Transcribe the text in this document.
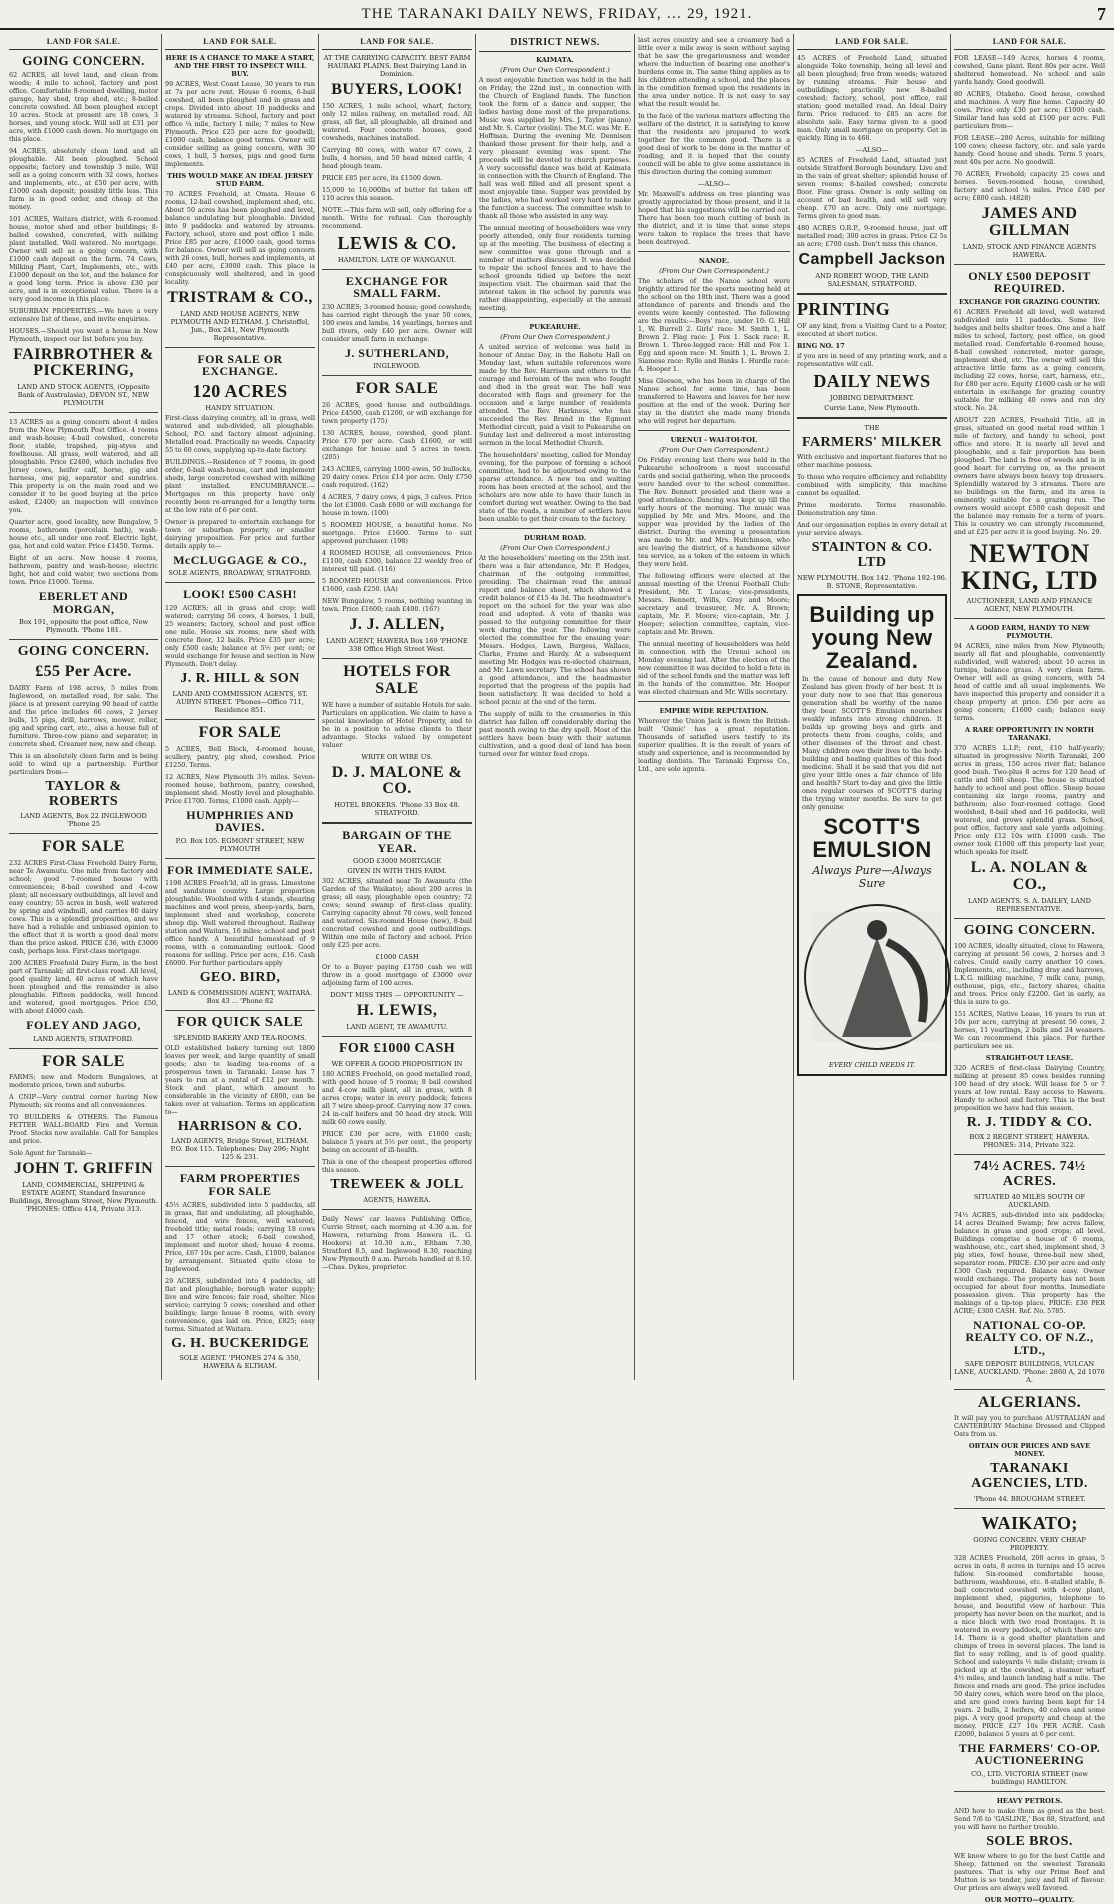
THE TARANAKI DAILY NEWS, FRIDAY, … 29, 1921.	7
LAND FOR SALE.
GOING CONCERN.
62 ACRES, all level land, and clean from weeds; 4 mile to school, factory and post office. Comfortable 8-roomed dwelling, motor garage, hay shed, trap shed, etc.; 8-bailed concrete cowshed. All been ploughed except 10 acres. Stock at present are 18 cows, 3 horses, and young stock. Will sell at £31 per acre, with £1000 cash down. No mortgage on this place.
94 ACRES, absolutely clean land and all ploughable. All been ploughed. School opposite; factory and township 3 mile. Will sell as a going concern with 32 cows, horses and implements, etc., at £50 per acre, with £1000 cash deposit; possibly little less. This farm is in good order, and cheap at the money.
101 ACRES, Waitara district, with 6-roomed house, motor shed and other buildings; 8-bailed cowshed, concreted, with milking plant installed. Well watered. No mortgage. Owner will sell as a going concern, with £1000 cash deposit on the farm. 74 Cows, Milking Plant, Cart, Implements, etc., with £1000 deposit on the lot, and the balance for a good long term. Price is above £30 per acre, and is in exceptional value. There is a very good income in this place.
SUBURBAN PROPERTIES.—We have a very extensive list of these, and invite enquiries.
HOUSES.—Should you want a house in New Plymouth, inspect our list before you buy.
FAIRBROTHER & PICKERING,
LAND AND STOCK AGENTS, (Opposite Bank of Australasia), DEVON ST., NEW PLYMOUTH
13 ACRES as a going concern about 4 miles from the New Plymouth Post Office. 4 rooms and wash-house; 4-bail cowshed, concrete floor, stable, trapshed, pig-styes and fowlhouse. All grass, well watered, and all ploughable. Price £2400, which includes five Jersey cows, heifer calf, horse, gig and harness, one pig, separator and sundries. This property is on the main road and we consider it to be good buying at the price asked, £2400; an inspection will convince you.
Quarter acre, good locality, new Bungalow, 5 rooms, bathroom (porcelain bath), wash-house etc., all under one roof. Electric light, gas, hot and cold water. Price £1450. Terms.
Eight of an acre. New house 4 rooms, bathroom, pantry and wash-house, electric light, hot and cold water, two sections from town. Price £1000. Terms.
EBERLET AND MORGAN,
Box 191, opposite the post office, New Plymouth. 'Phone 181.
GOING CONCERN.
£55 Per Acre.
DAIRY Farm of 198 acres, 5 miles from Inglewood, on metalled road, for sale. The place is at present carrying 90 head of cattle and the price includes 66 cows, 2 Jersey bulls, 15 pigs, drill, harrows, mower, roller, gig and spring cart, etc., also a house full of furniture. Three-cow piano and separator, in concrete shed. Creamer new, new and cheap.
This is an absolutely clean farm and is being sold to wind up a partnership. Further particulars from—
TAYLOR & ROBERTS
LAND AGENTS, Box 22 INGLEWOOD 'Phone 25
FOR SALE
232 ACRES First-Class Freehold Dairy Farm, near Te Awamutu. One mile from factory and school; good 7-roomed house with conveniences; 8-bail cowshed and 4-cow plant; all necessary outbuildings, all level and easy country; 55 acres in bush, well watered by spring and windmill, and carries 80 dairy cows. This is a splendid proposition, and we have had a reliable and unbiased opinion to the effect that it is worth a good deal more than the price asked. PRICE £36, with £3000 cash, perhaps less. First-class mortgage.
200 ACRES Freehold Dairy Farm, in the best part of Taranaki; all first-class road. All level, good quality land, 40 acres of which have been ploughed and the remainder is also ploughable. Fifteen paddocks, well fenced and watered, good mortgages. Price £50, with about £4000 cash.
FOLEY AND JAGO,
LAND AGENTS, STRATFORD.
FOR SALE
FARMS; new and Modern Bungalows, at moderate prices, town and suburbs.
A CNIP—Very central corner having New Plymouth; six rooms and all conveniences.
TO BUILDERS & OTHERS. The Famous FETTER WALL-BOARD Fire and Vermin Proof. Stocks now available. Call for Samples and price.
Sole Agent for Taranaki—
JOHN T. GRIFFIN
LAND, COMMERCIAL, SHIPPING & ESTATE AGENT, Standard Insurance Buildings, Brougham Street, New Plymouth. 'PHONES: Office 414, Private 313.
LAND FOR SALE.
HERE IS A CHANCE TO MAKE A START, AND THE FIRST TO INSPECT WILL BUY.
99 ACRES, West Coast Lease, 30 years to run at 7s per acre rent. House 6 rooms, 6-bail cowshed, all been ploughed and in grass and crops. Divided into about 10 paddocks and watered by streams. School, factory and post office ¼ mile, factory 1 mile; 7 miles to New Plymouth. Price £25 per acre for goodwill; £1000 cash, balance good terms. Owner will consider selling as going concern, with 30 cows, 1 bull, 5 horses, pigs and good farm implements.
THIS WOULD MAKE AN IDEAL JERSEY STUD FARM.
70 ACRES Freehold, at Omata. House 6 rooms, 12-bail cowshed, implement shed, etc. About 50 acres has been ploughed and level, balance undulating but ploughable. Divided into 9 paddocks and watered by streams. Factory, school, store and post office 1 mile. Price £85 per acre, £1000 cash, good terms for balance. Owner will sell as going concern with 26 cows, bull, horses and implements, at £40 per acre, £3000 cash. This place is conspicuously well sheltered, and in good locality.
TRISTRAM & CO.,
LAND AND HOUSE AGENTS, NEW PLYMOUTH AND ELTHAM. J. Christoffel, Jun., Box 241, New Plymouth Representative.
FOR SALE OR EXCHANGE.
120 ACRES
HANDY SITUATION.
First-class dairying country, all in grass, well watered and sub-divided, all ploughable. School, P.O. and factory almost adjoining. Metalled road. Practically no weeds. Capacity 55 to 60 cows, supplying up-to-date factory.
BUILDINGS.—Residence of 7 rooms, in good order, 6-bail wash-house, cart and implement sheds, large concreted cowshed with milking plant installed. ENCUMBRANCE.—Mortgages on this property have only recently been re-arranged for a lengthy term at the low rate of 6 per cent.
Owner is prepared to entertain exchange for town or suburban property, or smaller dairying proposition. For price and further details apply to—
McCLUGGAGE & CO.,
SOLE AGENTS, BROADWAY, STRATFORD.
LOOK! £500 CASH!
129 ACRES; all in grass and crop; well watered; carrying 56 cows, 4 horses, 1 bull, 25 weaners; factory, school and post office one mile. House six rooms, new shed with concrete floor, 12 bails. Price £35 per acre; only £500 cash; balance at 5½ per cent; or would exchange for house and section in New Plymouth. Don't delay.
J. R. HILL & SON
LAND AND COMMISSION AGENTS, ST. AUBYN STREET. 'Phones—Office 711, Residence 851.
FOR SALE
5 ACRES, Bell Block, 4-roomed house, scullery, pantry, pig shed, cowshed. Price £1250. Terms.
12 ACRES, New Plymouth 3½ miles. Seven-roomed house, bathroom, pantry, cowshed, implement shed. Mostly level and ploughable. Price £1700. Terms, £1000 cash. Apply—
HUMPHRIES AND DAVIES.
P.O. Box 105. EGMONT STREET, NEW PLYMOUTH
FOR IMMEDIATE SALE.
1198 ACRES Freeh'ld, all in grass. Limestone and sandstone country. Large proportion ploughable. Woolshed with 4 stands, shearing machines and wool press, sheep-yards, barn, implement shed and workshop, concrete sheep dip. Well watered throughout. Railway station and Waitara, 16 miles; school and post office handy. A beautiful homestead of 9 rooms, with a commanding outlook. Good reasons for selling. Price per acre, £16. Cash £6000. For further particulars apply
GEO. BIRD,
LAND & COMMISSION AGENT, WAITARA. Box 43 ... 'Phone 82
FOR QUICK SALE
SPLENDID BAKERY AND TEA-ROOMS.
OLD established bakery turning out 1800 loaves per week, and large quantity of small goods; also te leading tea-rooms of a prosperous town in Taranaki. Lease has 7 years to run at a rental of £12 per month. Stock and plant, which amount to considerable in the vicinity of £800, can be taken over at valuation. Terms on application to—
HARRISON & CO.
LAND AGENTS, Bridge Street, ELTHAM. P.O. Box 115. Telephones: Day 296; Night 125 & 231.
FARM PROPERTIES FOR SALE
45½ ACRES, subdivided into 5 paddocks, all in grass, flat and undulating, all ploughable, fenced, and wire fences, well watered; freehold title; metal roads; carrying 18 cows and 17 other stock; 6-bail cowshed, implement and motor shed; house 4 rooms. Price, £67 10s per acre. Cash, £1000, balance by arrangement. Situated quite close to Inglewood.
29 ACRES, subdivided into 4 paddocks, all flat and ploughable; borough water supply; live and wire fences; fair road, shelter. Nice service; carrying 5 cows; cowshed and other buildings; large house 8 rooms, with every convenience, gas laid on. Price, £825; easy terms. Situated at Waitara.
G. H. BUCKERIDGE
SOLE AGENT. 'PHONES 274 & 350, HAWERA & ELTHAM.
LAND FOR SALE.
AT THE CARRYING CAPACITY. BEST FARM HAURAKI PLAINS. Best Dairying Land in Dominion.
BUYERS, LOOK!
150 ACRES, 1 mile school, wharf, factory, only 12 miles railway, on metalled road. All grass, all flat, all ploughable, all drained and watered. Four concrete houses, good cowsheds, machines installed.
Carrying 80 cows, with water 67 cows, 2 bulls, 4 horses, and 50 head mixed cattle, 4 head plough team.
PRICE £85 per acre, its £1500 down.
15,000 to 16,000lbs of butter fat taken off 110 acres this season.
NOTE.—This farm will sell, only offering for a month. Write for refusal. Can thoroughly recommend.
LEWIS & CO.
HAMILTON. LATE OF WANGANUI.
EXCHANGE FOR SMALL FARM.
230 ACRES; 3-roomed house; good cowsheds; has carried right through the year 50 cows, 100 ewes and lambs, 14 yearlings, horses and bull rivers, only £40 per acre. Owner will consider small farm in exchange.
J. SUTHERLAND,
INGLEWOOD.
FOR SALE
26 ACRES, good house and outbuildings. Price £4500, cash £1200, or will exchange for town property (175)
130 ACRES, house, cowshed, good plant. Price £70 per acre. Cash £1600, or will exchange for house and 5 acres in town. (205)
243 ACRES, carrying 1000 ewes, 50 bullocks, 20 dairy cows. Price £14 per acre. Only £750 cash required. (162)
4 ACRES, 7 dairy cows, 4 pigs, 3 calves. Price the lot £3000. Cash £600 or will exchange for house in town. (100)
5 ROOMED HOUSE, a beautiful home. No mortgage. Price £1600. Terms to suit approved purchaser. (198)
4 ROOMED HOUSE, all conveniences. Price £1100, cash £300, balance 22 weekly free of interest till paid. (116)
5 ROOMED HOUSE and conveniences. Price £1600, cash £250. (AA)
NEW Bungalow, 5 rooms, nothing wanting in town. Price £1600; cash £400. (167)
J. J. ALLEN,
LAND AGENT, HAWERA Box 169 'PHONE 338 Office High Street West.
HOTELS FOR SALE
WE have a number of suitable Hotels for sale. Particulars on application. We claim to have a special knowledge of Hotel Property, and to be in a position to advise clients to their advantage. Stocks valued by competent valuer
WRITE OR WIRE US.
D. J. MALONE & CO.
HOTEL BROKERS. 'Phone 33 Box 48. STRATFORD.
BARGAIN OF THE YEAR.
GOOD £3000 MORTGAGE
GIVEN IN WITH THIS FARM.
302 ACRES, situated near Te Awamutu (the Garden of the Waikato); about 200 acres in grass; all easy, ploughable open country; 72 cows; sound swamp of first-class quality. Carrying capacity about 70 cows, well fenced and watered. Six-roomed House (new), 8-bail concreted cowshed and good outbuildings. Within one mile of factory and school. Price only £25 per acre.
£1000 CASH
Or to a Buyer paying £1750 cash we will throw in a good mortgage of £3000 over adjoining farm of 100 acres.
DON'T MISS THIS — OPPORTUNITY —
H. LEWIS,
LAND AGENT, TE AWAMUTU.
FOR £1000 CASH
WE OFFER A GOOD PROPOSITION IN
180 ACRES Freehold, on good metalled road, with good house of 5 rooms; 8 bail cowshed and 4-cow milk plant, all in grass, with 8 acres crops; water in every paddock; fences all 7 wire sheep-proof. Carrying now 37 cows. 24 in-calf heifers and 50 head dry stock. Will milk 60 cows easily.
PRICE £30 per acre, with £1000 cash; balance 5 years at 5½ per cent., the property being on account of ill-health.
This is one of the cheapest properties offered this season.
TREWEEK & JOLL
AGENTS, HAWERA.
Daily News' car leaves Publishing Office, Currie Street, each morning at 4.30 a.m. for Hawera, returning from Hawera (L. G. Hookers) at 10.30 a.m., Eltham 7.30, Stratford 8.5, and Inglewood 8.30, reaching New Plymouth 9 a.m. Parcels handled at 8.10. —Chas. Dykes, proprietor.
DISTRICT NEWS.
KAIMATA.
(From Our Own Correspondent.)
A most enjoyable function was held in the hall on Friday, the 22nd inst., in connection with the Church of England funds. The function took the form of a dance and supper, the ladies having done most of the preparations. Music was supplied by Mrs. J. Taylor (piano) and Mr. S. Carter (violin). The M.C. was Mr. E. Hoffman. During the evening Mr. Dennison thanked those present for their help, and a very pleasant evening was spent. The proceeds will be devoted to church purposes. A very successful dance was held at Kaimata in connection with the Church of England. The hall was well filled and all present spent a most enjoyable time. Supper was provided by the ladies, who had worked very hard to make the function a success. The committee wish to thank all those who assisted in any way.
The annual meeting of householders was very poorly attended, only four residents turning up at the meeting. The business of electing a new committee was gone through and a number of matters discussed. It was decided to repair the school fences and to have the school grounds tidied up before the next inspection visit. The chairman said that the interest taken in the school by parents was rather disappointing, especially at the annual meeting.
PUKEARUHE.
(From Our Own Correspondent.)
A united service of welcome was held in honour of Anzac Day, in the Rahotu Hall on Monday last, when suitable references were made by the Rev. Harrison and others to the courage and heroism of the men who fought and died in the great war. The hall was decorated with flags and greenery for the occasion and a large number of residents attended. The Rev. Harkness, who has succeeded the Rev. Brand in the Egmont Methodist circuit, paid a visit to Pukearuhe on Sunday last and delivered a most interesting sermon in the local Methodist Church.
The householders' meeting, called for Monday evening, for the purpose of forming a school committee, had to be adjourned owing to the sparse attendance. A new tea and waiting room has been erected at the school, and the scholars are now able to have their lunch in comfort during wet weather. Owing to the bad state of the roads, a number of settlers have been unable to get their cream to the factory.
DURHAM ROAD.
(From Our Own Correspondent.)
At the householders' meeting on the 25th inst. there was a fair attendance, Mr. P. Hodges, chairman of the outgoing committee, presiding. The chairman read the annual report and balance sheet, which showed a credit balance of £15 4s 3d. The headmaster's report on the school for the year was also read and adopted. A vote of thanks was passed to the outgoing committee for their work during the year. The following were elected the committee for the ensuing year: Messrs. Hodges, Lawn, Burgess, Wallace, Clarke, Frame and Hardy. At a subsequent meeting Mr. Hodges was re-elected chairman, and Mr. Lawn secretary. The school has shown a good attendance, and the headmaster reported that the progress of the pupils had been satisfactory. It was decided to hold a school picnic at the end of the term.
The supply of milk to the creameries in this district has fallen off considerably during the past month owing to the dry spell. Most of the settlers have been busy with their autumn cultivation, and a good deal of land has been turned over for winter feed crops.
last acres country and see a creamery had a little over a mile away is seen without saying that he saw the gregariousness and wonder where the induction of bearing one another's burdens come in. The same thing applies as to his children attending a school, and the places in the condition formed upon the residents in the area under notice. It is not easy to say what the result would be.
In the face of the various matters affecting the welfare of the district, it is satisfying to know that the residents are prepared to work together for the common good. There is a good deal of work to be done in the matter of roading, and it is hoped that the county council will be able to give some assistance in this direction during the coming summer.
—ALSO—
Mr. Maxwell's address on tree planting was greatly appreciated by those present, and it is hoped that his suggestions will be carried out. There has been too much cutting of bush in the district, and it is time that some steps were taken to replace the trees that have been destroyed.
NANOE.
(From Our Own Correspondent.)
The scholars of the Nanoe school were brightly attired for the sports meeting held at the school on the 18th inst. There was a good attendance of parents and friends and the events were keenly contested. The following are the results:—Boys' race, under 10: G. Hill 1, W. Burrell 2. Girls' race: M. Smith 1, L. Brown 2. Flag race: J. Fox 1. Sack race: R. Brown 1. Three-legged race: Hill and Fox 1. Egg and spoon race: M. Smith 1, L. Brown 2. Siamese race: Rylle and Banks 1. Hurdle race: A. Hooper 1.
Miss Gleeson, who has been in charge of the Nanoe school for some time, has been transferred to Hawera and leaves for her new position at the end of the week. During her stay in the district she made many friends who will regret her departure.
URENUI - WAI-TOI-TOI.
(From Our Own Correspondent.)
On Friday evening last there was held in the Pukearuhe schoolroom a most successful cards and social gathering, when the proceeds were handed over to the school committee. The Rev. Bennett presided and there was a good attendance. Dancing was kept up till the early hours of the morning. The music was supplied by Mr. and Mrs. Moore, and the supper was provided by the ladies of the district. During the evening a presentation was made to Mr. and Mrs. Hutchinson, who are leaving the district, of a handsome silver tea service, as a token of the esteem in which they were held.
The following officers were elected at the annual meeting of the Urenui Football Club: President, Mr. T. Lucas; vice-presidents, Messrs. Bennett, Wills, Gray and Moore; secretary and treasurer, Mr. A. Brown; captain, Mr. F. Moore; vice-captain, Mr. J. Hooper; selection committee, captain, vice-captain and Mr. Brown.
The annual meeting of householders was held in connection with the Urenui school on Monday evening last. After the election of the new committee it was decided to hold a fete in aid of the school funds and the matter was left in the hands of the committee. Mr. Hooper was elected chairman and Mr. Wills secretary.
EMPIRE WIDE REPUTATION.
Wherever the Union Jack is flown the British-built 'Osmic' has a great reputation. Thousands of satisfied users testify to its superior qualities. It is the result of years of study and experience, and is recommended by leading dentists. The Taranaki Express Co., Ltd., are sole agents.
LAND FOR SALE.
45 ACRES of Freehold Land, situated alongside Toko township, being all level and all been ploughed; free from weeds; watered by running streams. Fair house and outbuildings; practically new 8-bailed cowshed; factory, school, post office, rail station; good metalled road. An Ideal Dairy farm. Price reduced to £85 an acre for absolute sale. Easy terms given to a good man. Only small mortgage on property. Get in quickly. Ring in to 468.
—ALSO—
85 ACRES of Freehold Land, situated just outside Stratford Borough boundary. Live and in the vain of great shelter; splendid house of seven rooms; 8-bailed cowshed; concrete floor. Fine grass. Owner is only selling on account of bad health, and will sell very cheap. £70 an acre. Only one mortgage. Terms given to good man.
480 ACRES O.R.P., 9-roomed house, just off metalled road; 300 acres in grass. Price £2 5s an acre; £700 cash. Don't miss this chance.
Campbell Jackson
AND ROBERT WOOD, THE LAND SALESMAN, STRATFORD.
PRINTING
OF any kind, from a Visiting Card to a Poster, executed at short notice.
RING NO. 17
if you are in need of any printing work, and a representative will call.
DAILY NEWS
JOBBING DEPARTMENT.
Currie Lane, New Plymouth.
THE
FARMERS' MILKER
With exclusive and important features that no other machine possess.
To those who require efficiency and reliability combined with simplicity, this machine cannot be equalled.
Prime moderate. Terms reasonable. Demonstration any time.
And our organisation replies in every detail at your service always.
STAINTON & CO. LTD
NEW PLYMOUTH. Box 142. 'Phone 192-196. B. STONE, Representative.
Building up young New Zealand.
In the cause of honour and duty New Zealand has given freely of her best. It is your duty now to see that this generous generation shall be worthy of the name they bear. SCOTT'S Emulsion nourishes weakly infants into strong children. It builds up growing boys and girls and protects them from coughs, colds, and other diseases of the throat and chest. Many children owe their lives to the body-building and healing qualities of this food medicine. Shall it be said that you did not give your little ones a fair chance of life and health? Start to-day and give the little ones regular courses of SCOTT'S during the trying winter months. Be sure to get only genuine
SCOTT'S EMULSION
Always Pure—Always Sure
EVERY CHILD NEEDS IT.
LAND FOR SALE.
FOR LEASE—149 Acres, horses 4 rooms, cowshed, Gane plant. Rent 80s per acre. Well sheltered homestead. No school and sale yards handy. Good goodwill.
80 ACRES, Otakeho. Good house, cowshed and machines. A very fine home. Capacity 40 cows. Price only £30 per acre; £1000 cash. Similar land has sold at £100 per acre. Full particulars from—
FOR LEASE—280 Acres, suitable for milking 100 cows; cheese factory, etc. and sale yards handy. Good house and sheds. Term 5 years, rent 40s per acre. No goodwill.
76 ACRES, Freehold; capacity 25 cows and horses. Seven-roomed house, cowshed, factory and school ¼ miles. Price £40 per acre; £800 cash. (4828)
JAMES AND GILLMAN
LAND, STOCK AND FINANCE AGENTS HAWERA.
ONLY £500 DEPOSIT REQUIRED.
EXCHANGE FOR GRAZING COUNTRY.
61 ACRES Freehold all level, well watered subdivided into 11 paddocks. Some live hedges and belts shelter trees. One and a half miles to school, factory, post office, on good metalled road. Comfortable 6-roomed house, 8-bail cowshed concreted, motor garage, implement shed, etc. The owner will sell this attractive little farm as a going concern, including 22 cows, horse, cart, harness, etc., for £80 per acre. Equity £1600 cash or he will entertain in exchange for grazing country suitable for milking 40 cows and run dry stock. No. 24.
ABOUT 220 ACRES, Freehold Title, all in grass, situated on good metal road within 1 mile of factory, and handy to school, post office and store. It is nearly all level and ploughable, and a fair proportion has been ploughed. The land is free of weeds and is in good heart for carrying on, as the present owners have always been heavy top dressers. Splendidly watered by 3 streams. There are no buildings on the farm, and its area is eminently suitable for a grazing run. The owners would accept £500 cash deposit and the balance may remain for a term of years. This is country we can strongly recommend, and at £25 per acre it is good buying. No. 29.
NEWTON KING, LTD
AUCTIONEER, LAND AND FINANCE AGENT, NEW PLYMOUTH.
A GOOD FARM, HANDY TO NEW PLYMOUTH.
94 ACRES, nine miles from New Plymouth; nearly all flat and ploughable, conveniently subdivided, well watered; about 10 acres in turnips, balance grass. A very clean farm. Owner will sell as going concern, with 54 head of cattle and all usual implements. We have inspected this property and consider it a cheap property at price. £56 per acre as going concern; £1600 cash; balance easy terms.
A RARE OPPORTUNITY IN NORTH TARANAKI.
370 ACRES L.I.P.; rent, £10 half-yearly; situated in progressive North Taranaki, 200 acres in grass, 150 acres river flat; balance good bush. Two-plus 8 acres for 120 head of cattle and 500 sheep. The house is situated handy to school and post office. Sheep house containing six large rooms, pantry and bathroom; also four-roomed cottage. Good woolshed, 8-bail shed and 16 paddocks, well watered, and grows splendid grass. School, post office, factory and sale yards adjoining. Price only £12 10s with £1000 cash. The owner took £1000 off this property last year, which speaks for itself.
L. A. NOLAN & CO.,
LAND AGENTS. S. A. DAILEY, LAND REPRESENTATIVE.
GOING CONCERN.
100 ACRES, ideally situated, close to Hawera, carrying at present 56 cows, 2 horses and 3 calves. Could easily carry another 10 cows. Implements, etc., including dray and harrows, L.K.G. milking machine, 7 milk cans, pump, outhouse, pigs, etc., factory shares, chains and trees. Price only £2200. Get in early, as this is sure to go.
151 ACRES, Native Lease, 16 years to run at 10s per acre, carrying at present 56 cows, 2 horses, 11 yearlings, 2 bulls and 24 weaners. We can recommend this place. For further particulars see us.
STRAIGHT-OUT LEASE.
320 ACRES of first-class Dairying Country, milking at present 85 cows besides running 100 head of dry stock. Will lease for 5 or 7 years at low rental. Easy access to Hawera. Handy to school and factory. This is the best proposition we have had this season.
R. J. TIDDY & CO.
BOX 2 REGENT STREET, HAWERA. PHONES: 314, Private 322.
74½ ACRES. 74½ ACRES.
SITUATED 40 MILES SOUTH OF AUCKLAND.
74½ ACRES, sub-divided into six paddocks; 14 acres Drained Swamp; few acres fallow, balance in grass and good crops; all level. Buildings comprise a house of 6 rooms, washhouse, etc., cart shed, implement shed, 3 pig sties, fowl house, three-bail new shed, separator room. PRICE: £30 per acre and only £300 Cash required. Balance easy. Owner would exchange. The property has not been occupied for about four months. Immediate possession given. This property has the makings of a tip-top place. PRICE: £30 PER ACRE; £300 CASH. Ref. No. 5785.
NATIONAL CO-OP. REALTY CO. OF N.Z., LTD.,
SAFE DEPOSIT BUILDINGS, VULCAN LANE, AUCKLAND. 'Phone: 2860 A, 2d 1076 A.
ALGERIANS.
It will pay you to purchase AUSTRALIAN and CANTERBURY Machine Dressed and Clipped Oats from us.
OBTAIN OUR PRICES AND SAVE MONEY.
TARANAKI AGENCIES, LTD.
'Phone 44. BROUGHAM STREET.
WAIKATO;
GOING CONCERN. VERY CHEAP PROPERTY.
328 ACRES Freehold, 200 acres in grass, 5 acres in oats, 8 acres in turnips and 15 acres fallow. Six-roomed comfortable house, bathroom, washhouse, etc. 8-stalled stable, 8-bail concreted cowshed with 4-cow plant, implement shed, piggeries, telephone to house, and beautiful view of harbour. This property has never been on the market, and is a nice block with two road frontages. It is watered in every paddock, of which there are 14. There is a good shelter plantation and clumps of trees in several places. The land is flat to easy rolling, and is of good quality. School and saleyards ½ mile distant; cream is picked up at the cowshed, a steamer wharf 4½ miles, and launch landing half a mile. The fences and roads are good. The price includes 50 dairy cows, which were bred on the place, and are good cows having been kept for 14 years. 2 bulls, 2 heifers, 40 calves and some pigs. A very good property and cheap at the money. PRICE £27 10s PER ACRE. Cash £2000, balance 5 years at 6 per cent.
THE FARMERS' CO-OP. AUCTIONEERING
CO., LTD. VICTORIA STREET (new buildings) HAMILTON.
HEAVY PETROLS.
AND how to make them as good as the best. Send 7/6 to 'GASLINE,' Box 88, Stratford, and you will have no further trouble.
SOLE BROS.
WE know where to go for the best Cattle and Sheep, fattened on the sweetest Taranaki pastures. That is why our Prime Beef and Mutton is so tender, juicy and full of flavour. Our prices are always well favored.
OUR MOTTO—QUALITY.
